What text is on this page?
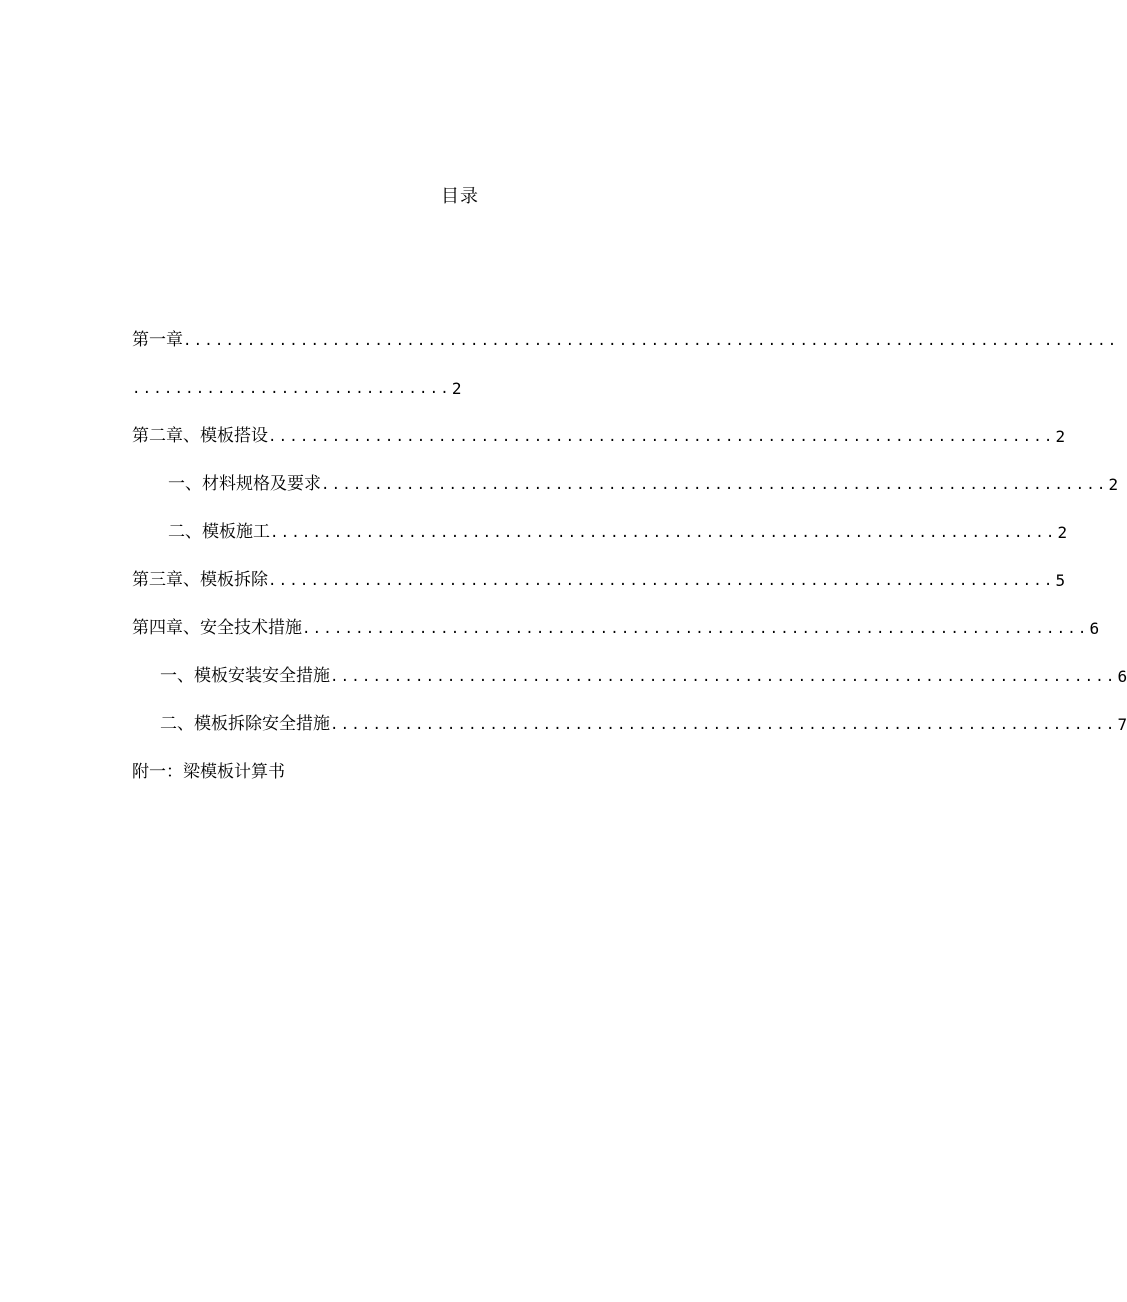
目录
第一章 ........................................................................................
.............................. 2
第二章、模板搭设 .......................................................................... 2
一、材料规格及要求 .......................................................................... 2
二、模板施工 .......................................................................... 2
第三章、模板拆除 .......................................................................... 5
第四章、安全技术措施 .......................................................................... 6
一、模板安装安全措施 .......................................................................... 6
二、模板拆除安全措施 .......................................................................... 7
附一：梁模板计算书
